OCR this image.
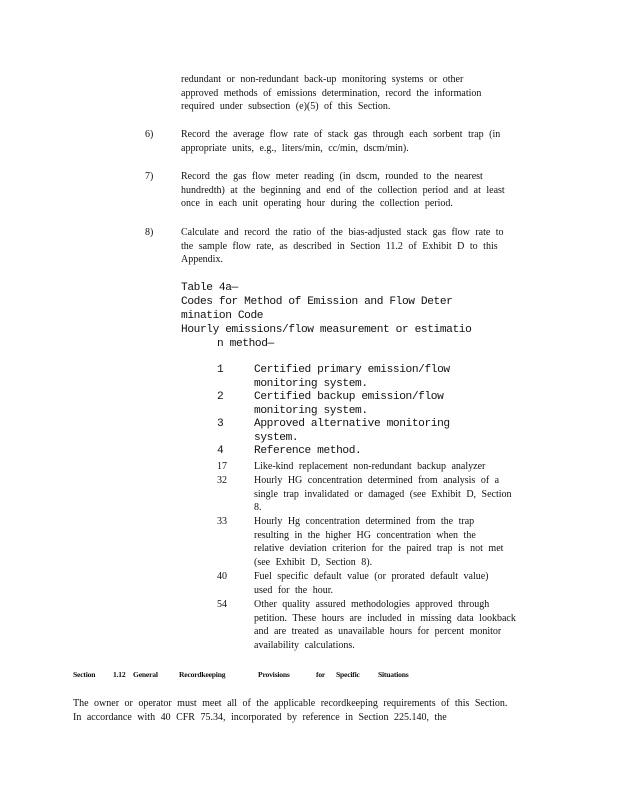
redundant or non-redundant back-up monitoring systems or other approved methods of emissions determination, record the information required under subsection (e)(5) of this Section.

6)	Record the average flow rate of stack gas through each sorbent trap (in appropriate units, e.g., liters/min, cc/min, dscm/min).

7)	Record the gas flow meter reading (in dscm, rounded to the nearest hundredth) at the beginning and end of the collection period and at least once in each unit operating hour during the collection period.

8)	Calculate and record the ratio of the bias-adjusted stack gas flow rate to the sample flow rate, as described in Section 11.2 of Exhibit D to this Appendix.

Table 4a—
Codes for Method of Emission and Flow Deter
mination Code
Hourly emissions/flow measurement or estimatio
n method—
1	Certified primary emission/flow monitoring system.

2	Certified backup emission/flow monitoring system.

3	Approved alternative monitoring system.

4	Reference method.

17	Like-kind replacement non-redundant backup analyzer

32	Hourly HG concentration determined from analysis of a single trap invalidated or damaged (see Exhibit D, Section 8.

33	Hourly Hg concentration determined from the trap resulting in the higher HG concentration when the relative deviation criterion for the paired trap is not met (see Exhibit D, Section 8).

40	Fuel specific default value (or prorated default value) used for the hour.

54	Other quality assured methodologies approved through petition. These hours are included in missing data lookback and are treated as unavailable hours for percent monitor availability calculations.

Section 1.12 General	Recordkeeping	Provisions	for Specific Situations

The owner or operator must meet all of the applicable recordkeeping requirements of this Section. In accordance with 40 CFR 75.34, incorporated by reference in Section 225.140, the
